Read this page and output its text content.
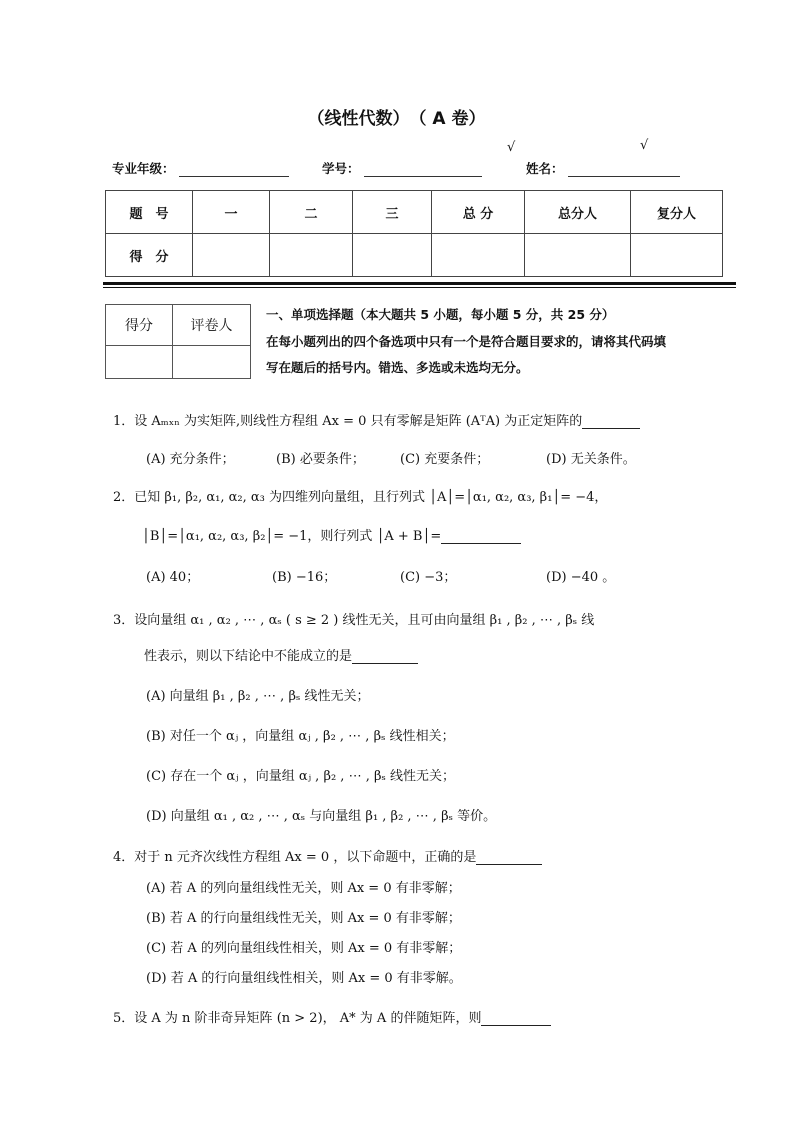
（线性代数）　（ A 卷）
√	√
专业年级：	学号：	姓名：
题　号	一	二	三	总 分	总分人	复分人
得　分						
得分	评卷人

一、单项选择题（本大题共 5 小题，每小题 5 分，共 25 分）
在每小题列出的四个备选项中只有一个是符合题目要求的，请将其代码填
写在题后的括号内。错选、多选或未选均无分。
1．设 Aₘₓₙ 为实矩阵,则线性方程组 Ax = 0 只有零解是矩阵 (AᵀA) 为正定矩阵的
(A) 充分条件；	(B) 必要条件；	(C) 充要条件；	(D) 无关条件。
2．已知 β₁, β₂, α₁, α₂, α₃ 为四维列向量组，且行列式 │A│=│α₁, α₂, α₃, β₁│= −4，
│B│=│α₁, α₂, α₃, β₂│= −1，则行列式 │A + B│=
(A) 40；	(B) −16；	(C) −3；	(D) −40 。
3．设向量组 α₁ , α₂ , ⋯ , αₛ ( s ≥ 2 ) 线性无关，且可由向量组 β₁ , β₂ , ⋯ , βₛ 线
性表示，则以下结论中不能成立的是
(A) 向量组 β₁ , β₂ , ⋯ , βₛ 线性无关；
(B) 对任一个 αⱼ ，向量组 αⱼ , β₂ , ⋯ , βₛ 线性相关；
(C) 存在一个 αⱼ ，向量组 αⱼ , β₂ , ⋯ , βₛ 线性无关；
(D) 向量组 α₁ , α₂ , ⋯ , αₛ 与向量组 β₁ , β₂ , ⋯ , βₛ 等价。
4．对于 n 元齐次线性方程组 Ax = 0 ，以下命题中，正确的是
(A) 若 A 的列向量组线性无关，则 Ax = 0 有非零解；
(B) 若 A 的行向量组线性无关，则 Ax = 0 有非零解；
(C) 若 A 的列向量组线性相关，则 Ax = 0 有非零解；
(D) 若 A 的行向量组线性相关，则 Ax = 0 有非零解。
5．设 A 为 n 阶非奇异矩阵 (n > 2)， A* 为 A 的伴随矩阵，则
